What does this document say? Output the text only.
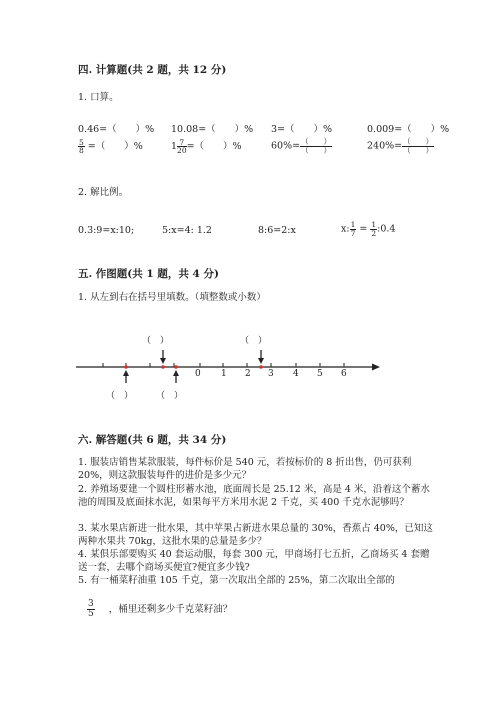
四. 计算题(共 2 题，共 12 分)
1. 口算。
0.46=（　　）% 10.08=（　　）% 3=（　　）%	0.009=（　　）%
$\frac{5}{8}$ =（　　）%	$1 \frac{7}{20}$ =（　　）%	$60\%= \frac{( )}{( )}$	$240\%= \frac{( )}{( )}$
2. 解比例。
0.3:9=x:10;	5:x=4: 1.2	8:6=2:x	x: $\frac{1}{7} = \frac{1}{2}$ :0.4
五. 作图题(共 1 题，共 4 分)
1. 从左到右在括号里填数。（填整数或小数）
0 1 2 3 4 5 6
（　）	（　）
（　）	（　）
六. 解答题(共 6 题，共 34 分)
1. 服装店销售某款服装，每件标价是 540 元，若按标价的 8 折出售，仍可获利 20%，则这款服装每件的进价是多少元？
2. 养殖场要建一个圆柱形蓄水池，底面周长是 25.12 米，高是 4 米，沿着这个蓄水池的周围及底面抹水泥，如果每平方米用水泥 2 千克，买 400 千克水泥够吗？
3. 某水果店新进一批水果，其中苹果占新进水果总量的 30%，香蕉占 40%，已知这两种水果共 70kg，这批水果的总量是多少？
4. 某俱乐部要购买 40 套运动服，每套 300 元，甲商场打七五折，乙商场买 4 套赠送一套，去哪个商场买便宜?便宜多少钱?
5. 有一桶菜籽油重 105 千克，第一次取出全部的 25%，第二次取出全部的
$\frac{3}{5}$ ，桶里还剩多少千克菜籽油？
